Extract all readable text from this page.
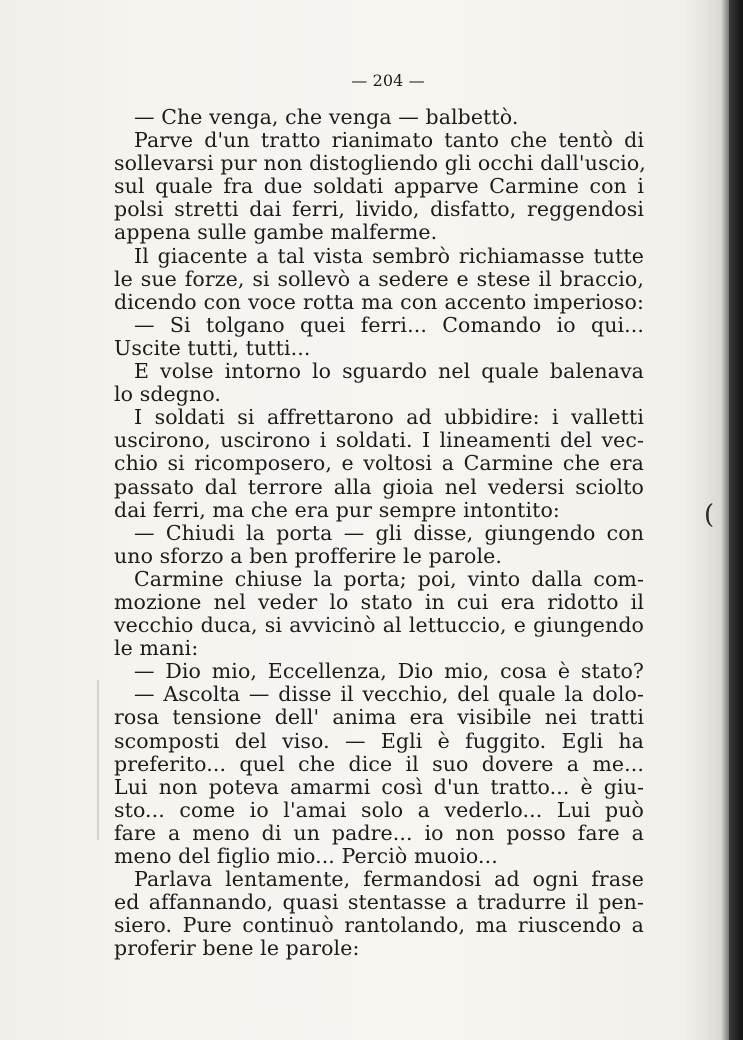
(
— 204 —
— Che venga, che venga — balbettò.
Parve d'un tratto rianimato tanto che tentò di
sollevarsi pur non distogliendo gli occhi dall'uscio,
sul quale fra due soldati apparve Carmine con i
polsi stretti dai ferri, livido, disfatto, reggendosi
appena sulle gambe malferme.
Il giacente a tal vista sembrò richiamasse tutte
le sue forze, si sollevò a sedere e stese il braccio,
dicendo con voce rotta ma con accento imperioso:
— Si tolgano quei ferri... Comando io qui...
Uscite tutti, tutti...
E volse intorno lo sguardo nel quale balenava
lo sdegno.
I soldati si affrettarono ad ubbidire: i valletti
uscirono, uscirono i soldati. I lineamenti del vec-
chio si ricomposero, e voltosi a Carmine che era
passato dal terrore alla gioia nel vedersi sciolto
dai ferri, ma che era pur sempre intontito:
— Chiudi la porta — gli disse, giungendo con
uno sforzo a ben profferire le parole.
Carmine chiuse la porta; poi, vinto dalla com-
mozione nel veder lo stato in cui era ridotto il
vecchio duca, si avvicinò al lettuccio, e giungendo
le mani:
— Dio mio, Eccellenza, Dio mio, cosa è stato?
— Ascolta — disse il vecchio, del quale la dolo-
rosa tensione dell' anima era visibile nei tratti
scomposti del viso. — Egli è fuggito. Egli ha
preferito... quel che dice il suo dovere a me...
Lui non poteva amarmi così d'un tratto... è giu-
sto... come io l'amai solo a vederlo... Lui può
fare a meno di un padre... io non posso fare a
meno del figlio mio... Perciò muoio...
Parlava lentamente, fermandosi ad ogni frase
ed affannando, quasi stentasse a tradurre il pen-
siero. Pure continuò rantolando, ma riuscendo a
proferir bene le parole:
